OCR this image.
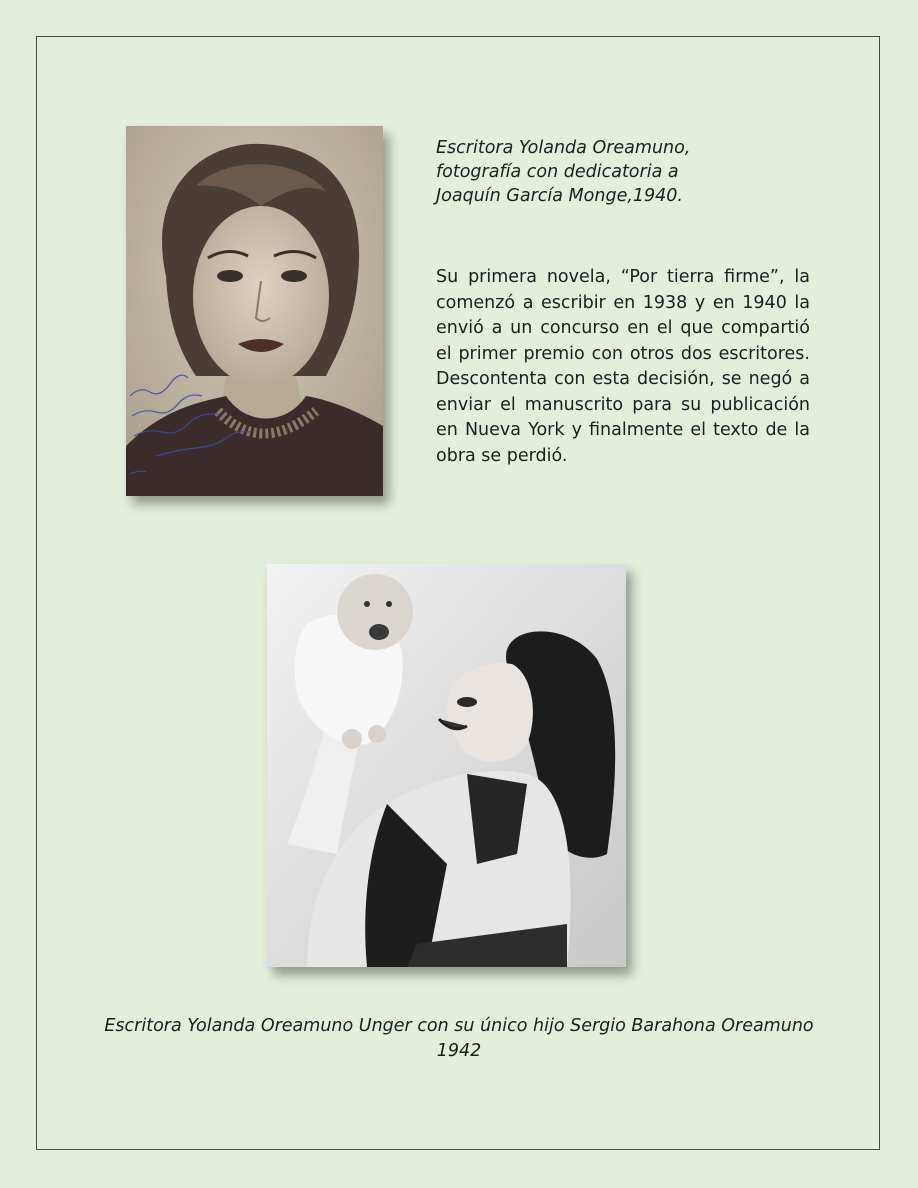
Escritora Yolanda Oreamuno, fotografía con dedicatoria a Joaquín García Monge,1940.

Su primera novela, “Por tierra firme”, la comenzó a escribir en 1938 y en 1940 la envió a un concurso en el que compartió el primer premio con otros dos escritores. Descontenta con esta decisión, se negó a enviar el manuscrito para su publicación en Nueva York y finalmente el texto de la obra se perdió.

Escritora Yolanda Oreamuno Unger con su único hijo Sergio Barahona Oreamuno 1942
